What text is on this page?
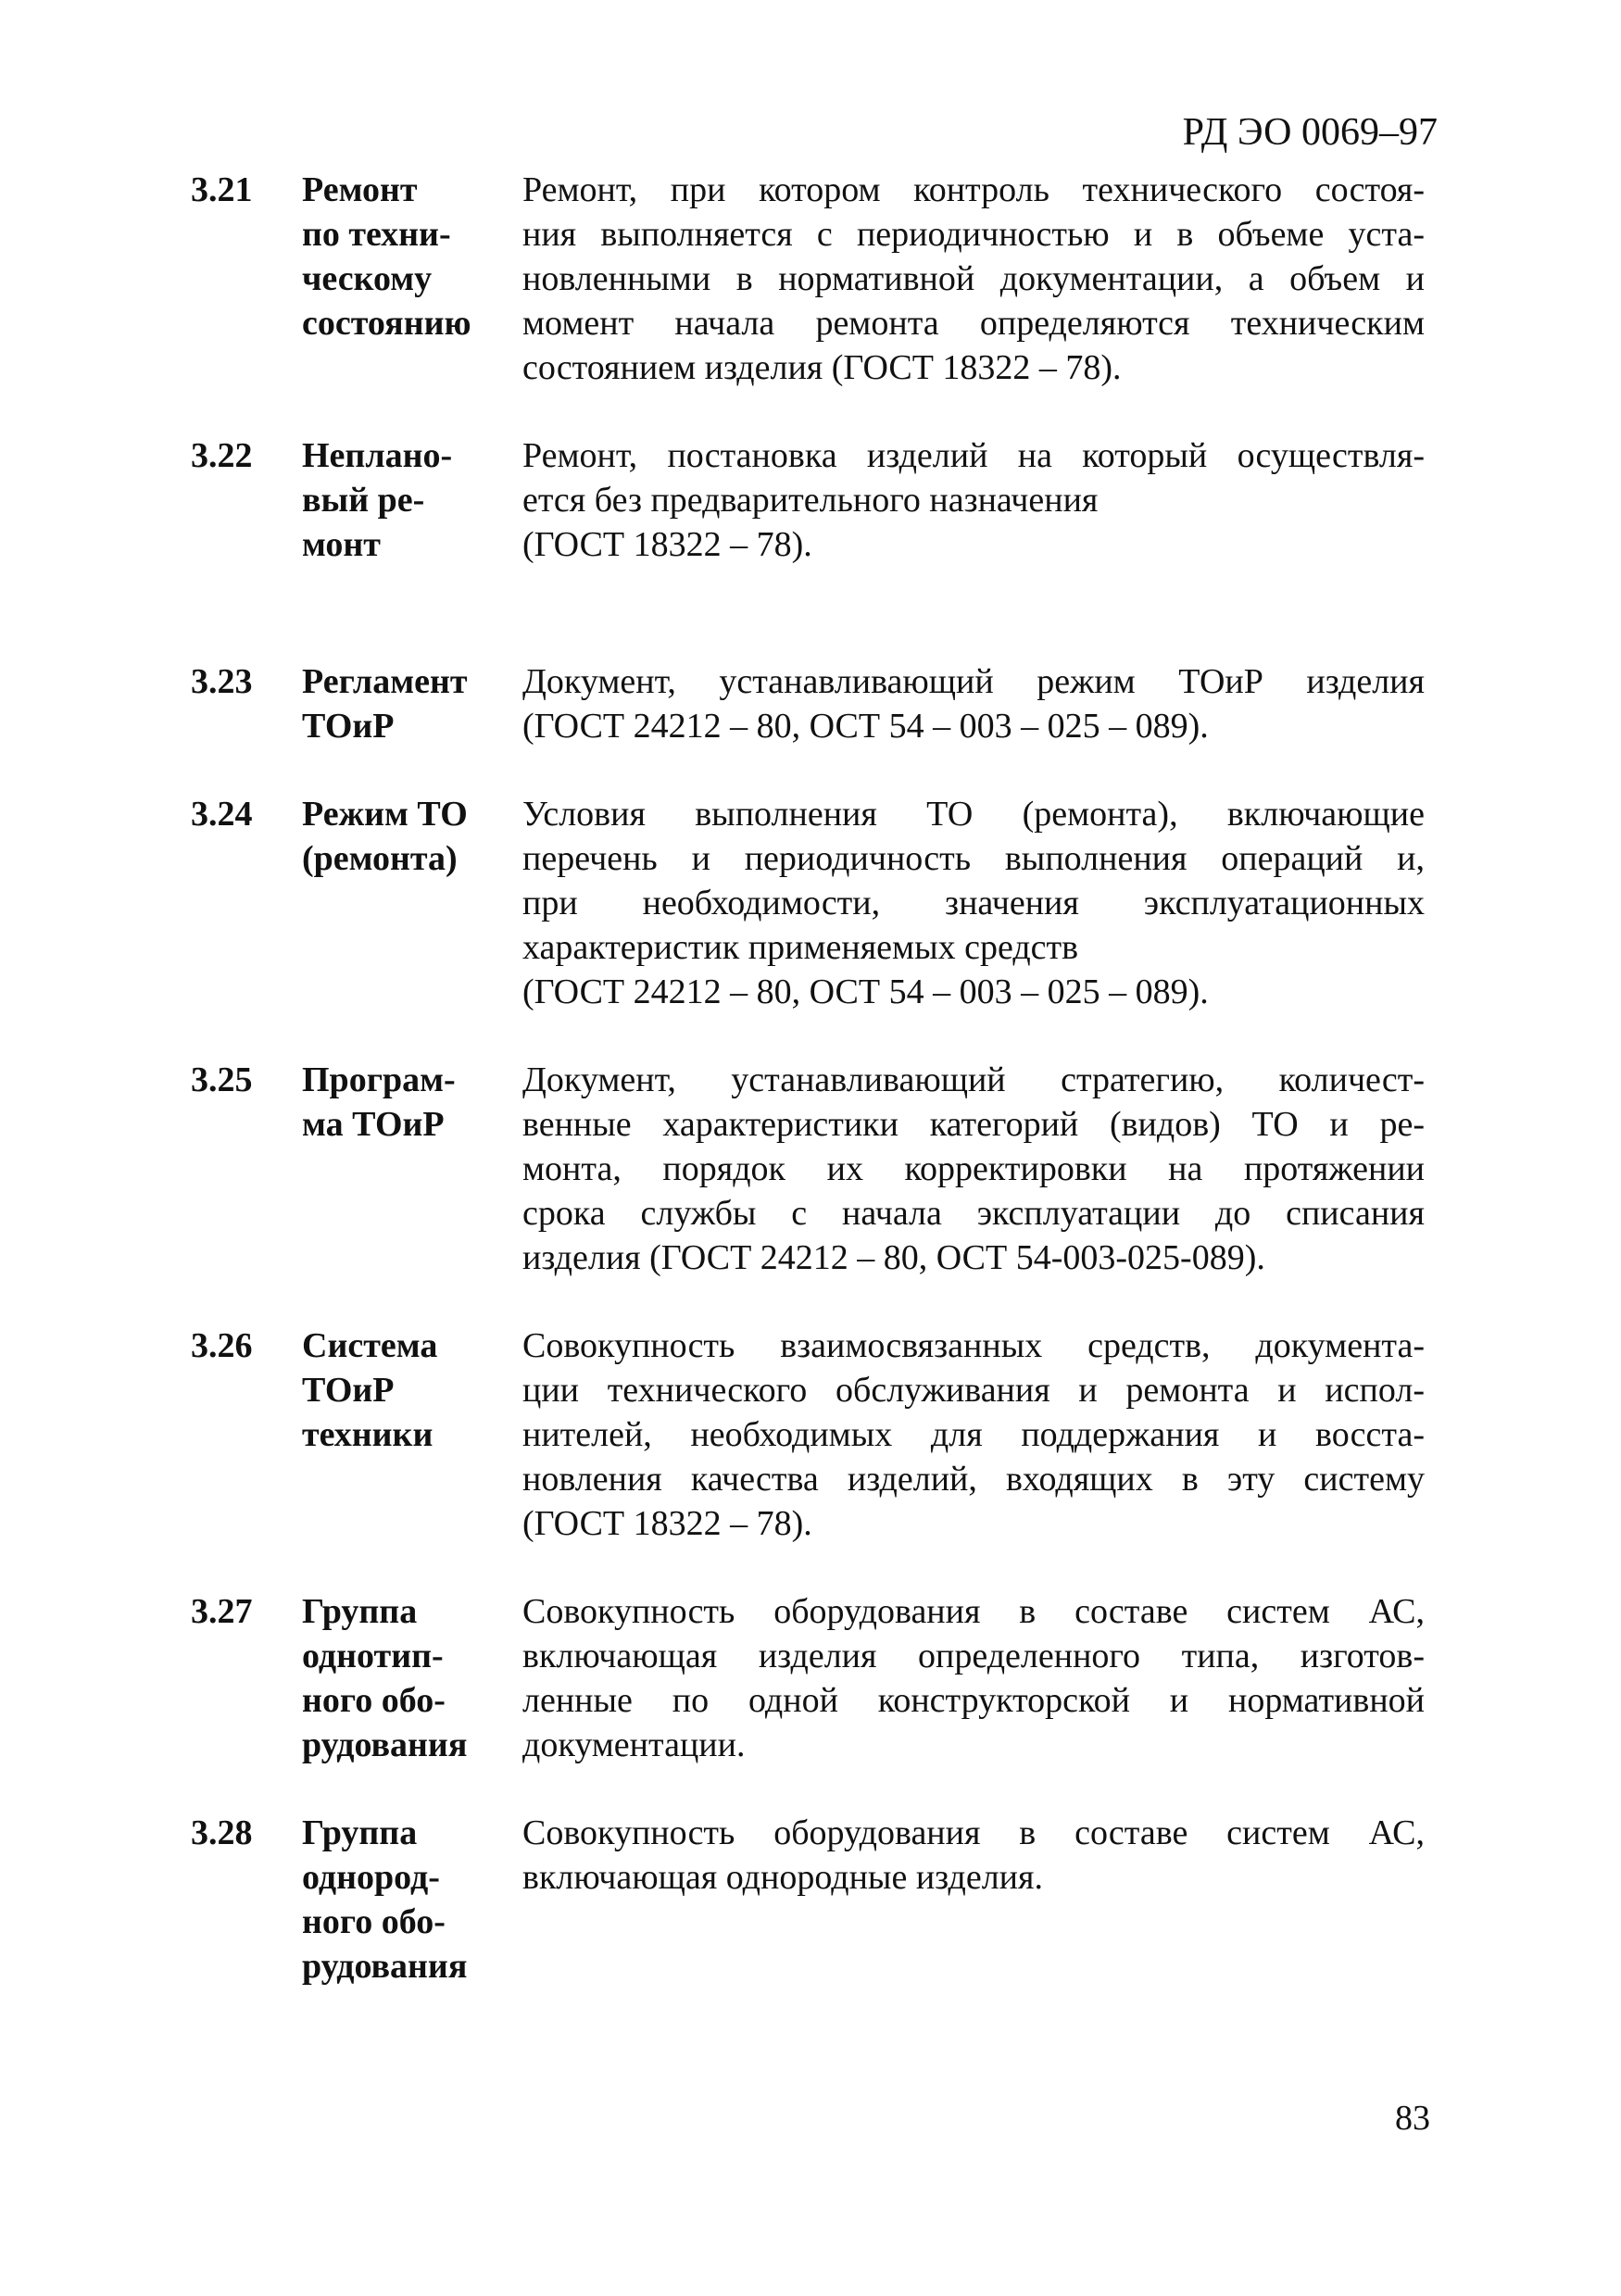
РД ЭО 0069–97
3.21 Ремонт
по техни-
ческому
состоянию
Ремонт, при котором контроль технического состоя-
ния выполняется с периодичностью и в объеме уста-
новленными в нормативной документации, а объем и
момент начала ремонта определяются техническим
состоянием изделия (ГОСТ 18322 – 78).
3.22 Неплано-
вый ре-
монт
Ремонт, постановка изделий на который осуществля-
ется без предварительного назначения
(ГОСТ 18322 – 78).
3.23 Регламент
ТОиР
Документ, устанавливающий режим ТОиР изделия
(ГОСТ 24212 – 80, ОСТ 54 – 003 – 025 – 089).
3.24 Режим ТО
(ремонта)
Условия выполнения ТО (ремонта), включающие
перечень и периодичность выполнения операций и,
при необходимости, значения эксплуатационных
характеристик применяемых средств
(ГОСТ 24212 – 80, ОСТ 54 – 003 – 025 – 089).
3.25 Програм-
ма ТОиР
Документ, устанавливающий стратегию, количест-
венные характеристики категорий (видов) ТО и ре-
монта, порядок их корректировки на протяжении
срока службы с начала эксплуатации до списания
изделия (ГОСТ 24212 – 80, ОСТ 54-003-025-089).
3.26 Система
ТОиР
техники
Совокупность взаимосвязанных средств, документа-
ции технического обслуживания и ремонта и испол-
нителей, необходимых для поддержания и восста-
новления качества изделий, входящих в эту систему
(ГОСТ 18322 – 78).
3.27 Группа
однотип-
ного обо-
рудования
Совокупность оборудования в составе систем АС,
включающая изделия определенного типа, изготов-
ленные по одной конструкторской и нормативной
документации.
3.28 Группа
однород-
ного обо-
рудования
Совокупность оборудования в составе систем АС,
включающая однородные изделия.
83
